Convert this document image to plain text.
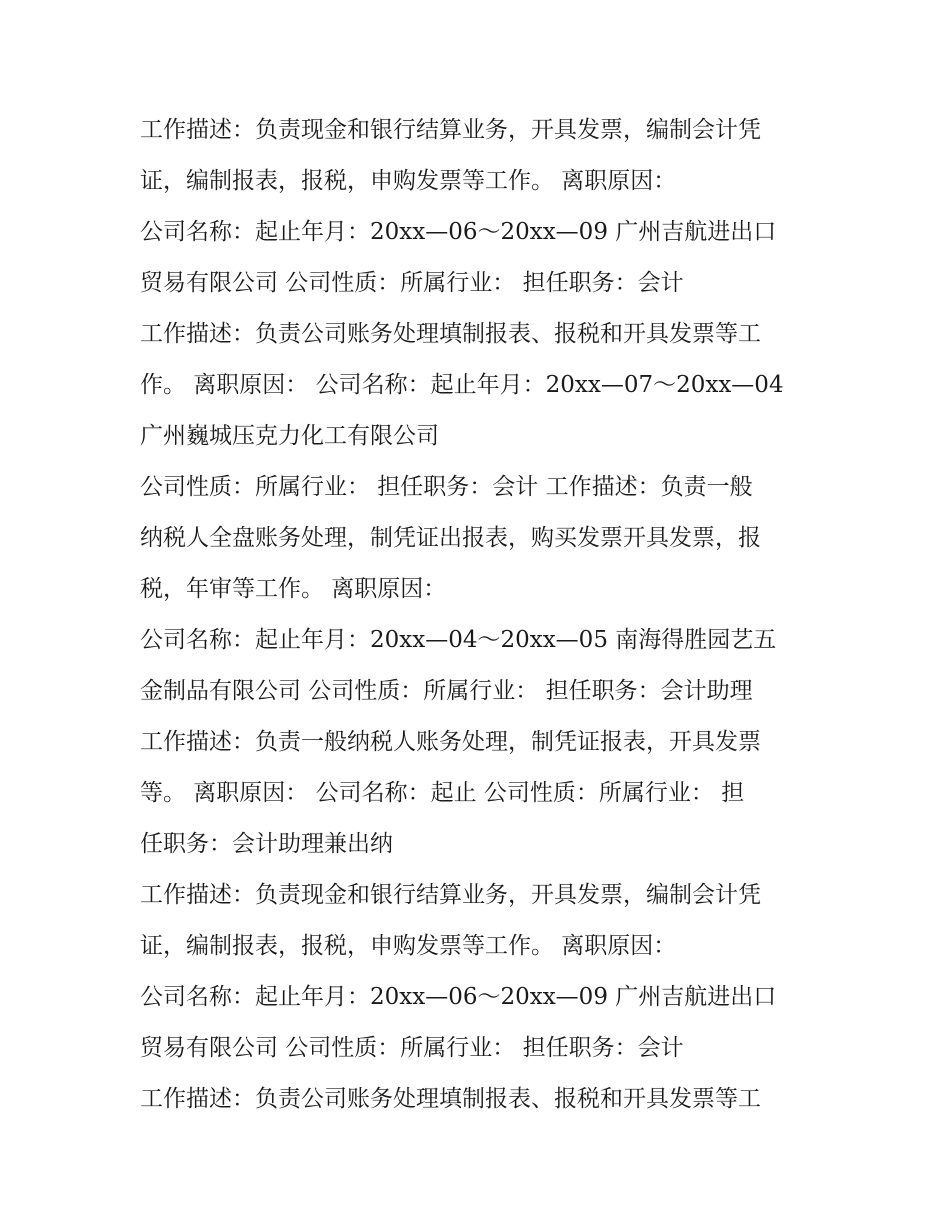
工作描述：负责现金和银行结算业务，开具发票，编制会计凭
证，编制报表，报税，申购发票等工作。 离职原因：
公司名称：起止年月：20xx—06～20xx—09 广州吉航进出口
贸易有限公司 公司性质：所属行业： 担任职务：会计
工作描述：负责公司账务处理填制报表、报税和开具发票等工
作。 离职原因： 公司名称：起止年月：20xx—07～20xx—04
广州巍城压克力化工有限公司
公司性质：所属行业： 担任职务：会计 工作描述：负责一般
纳税人全盘账务处理，制凭证出报表，购买发票开具发票，报
税，年审等工作。 离职原因：
公司名称：起止年月：20xx—04～20xx—05 南海得胜园艺五
金制品有限公司 公司性质：所属行业： 担任职务：会计助理
工作描述：负责一般纳税人账务处理，制凭证报表，开具发票
等。 离职原因： 公司名称：起止 公司性质：所属行业： 担
任职务：会计助理兼出纳
工作描述：负责现金和银行结算业务，开具发票，编制会计凭
证，编制报表，报税，申购发票等工作。 离职原因：
公司名称：起止年月：20xx—06～20xx—09 广州吉航进出口
贸易有限公司 公司性质：所属行业： 担任职务：会计
工作描述：负责公司账务处理填制报表、报税和开具发票等工
